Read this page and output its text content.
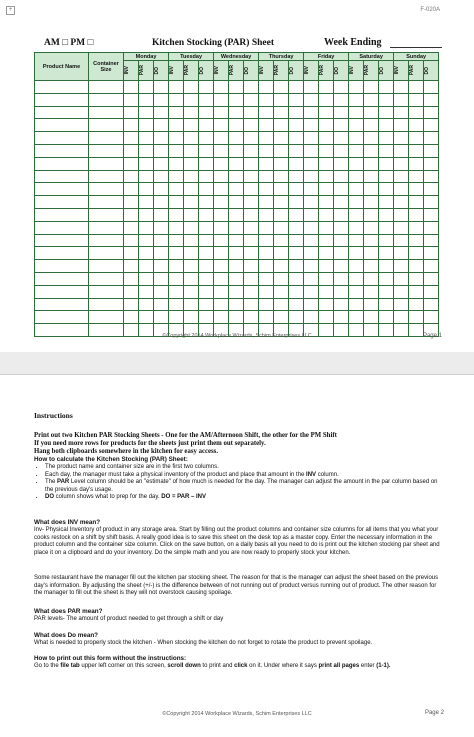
+	F-020A
AM □ PM □	Kitchen Stocking (PAR) Sheet	Week Ending
Product Name	Container Size	Monday			Tuesday			Wednesday			Thursday			Friday			Saturday			Sunday		

		INV	PAR	DO	INV	PAR	DO	INV	PAR	DO	INV	PAR	DO	INV	PAR	DO	INV	PAR	DO	INV	PAR	DO

©Copyright 2014 Workplace Wizards, Schim Enterprises LLC	Page 1
Instructions
Print out two Kitchen PAR Stocking Sheets - One for the AM/Afternoon Shift, the other for the PM Shift
If you need more rows for products for the sheets just print them out separately.
Hang both clipboards somewhere in the kitchen for easy access.
How to calculate the Kitchen Stocking (PAR) Sheet:
• The product name and container size are in the first two columns.
• Each day, the manager must take a physical inventory of the product and place that amount in the INV column.
• The PAR Level column should be an "estimate" of how much is needed for the day. The manager can adjust the amount in the par column based on the previous day's usage.
• DO column shows what to prep for the day. DO = PAR – INV
What does INV mean?
Inv- Physical Inventory of product in any storage area. Start by filling out the product columns and container size columns for all items that you what your cooks restock on a shift by shift basis. A really good idea is to save this sheet on the desk top as a master copy. Enter the necessary information in the product column and the container size column. Click on the save button, on a daily basis all you need to do is print out the kitchen stocking par sheet and place it on a clipboard and do your inventory. Do the simple math and you are now ready to properly stock your kitchen.
Some restaurant have the manager fill out the kitchen par stocking sheet. The reason for that is the manager can adjust the sheet based on the previous day's information. By adjusting the sheet (+/-) is the difference between of not running out of product versus running out of product. The other reason for the manager to fill out the sheet is they will not overstock causing spoilage.
What does PAR mean?
PAR levels- The amount of product needed to get through a shift or day
What does Do mean?
What is needed to properly stock the kitchen - When stocking the kitchen do not forget to rotate the product to prevent spoilage.
How to print out this form without the instructions:
Go to the file tab upper left corner on this screen, scroll down to print and click on it. Under where it says print all pages enter (1-1).
©Copyright 2014 Workplace Wizards, Schim Enterprises LLC	Page 2
